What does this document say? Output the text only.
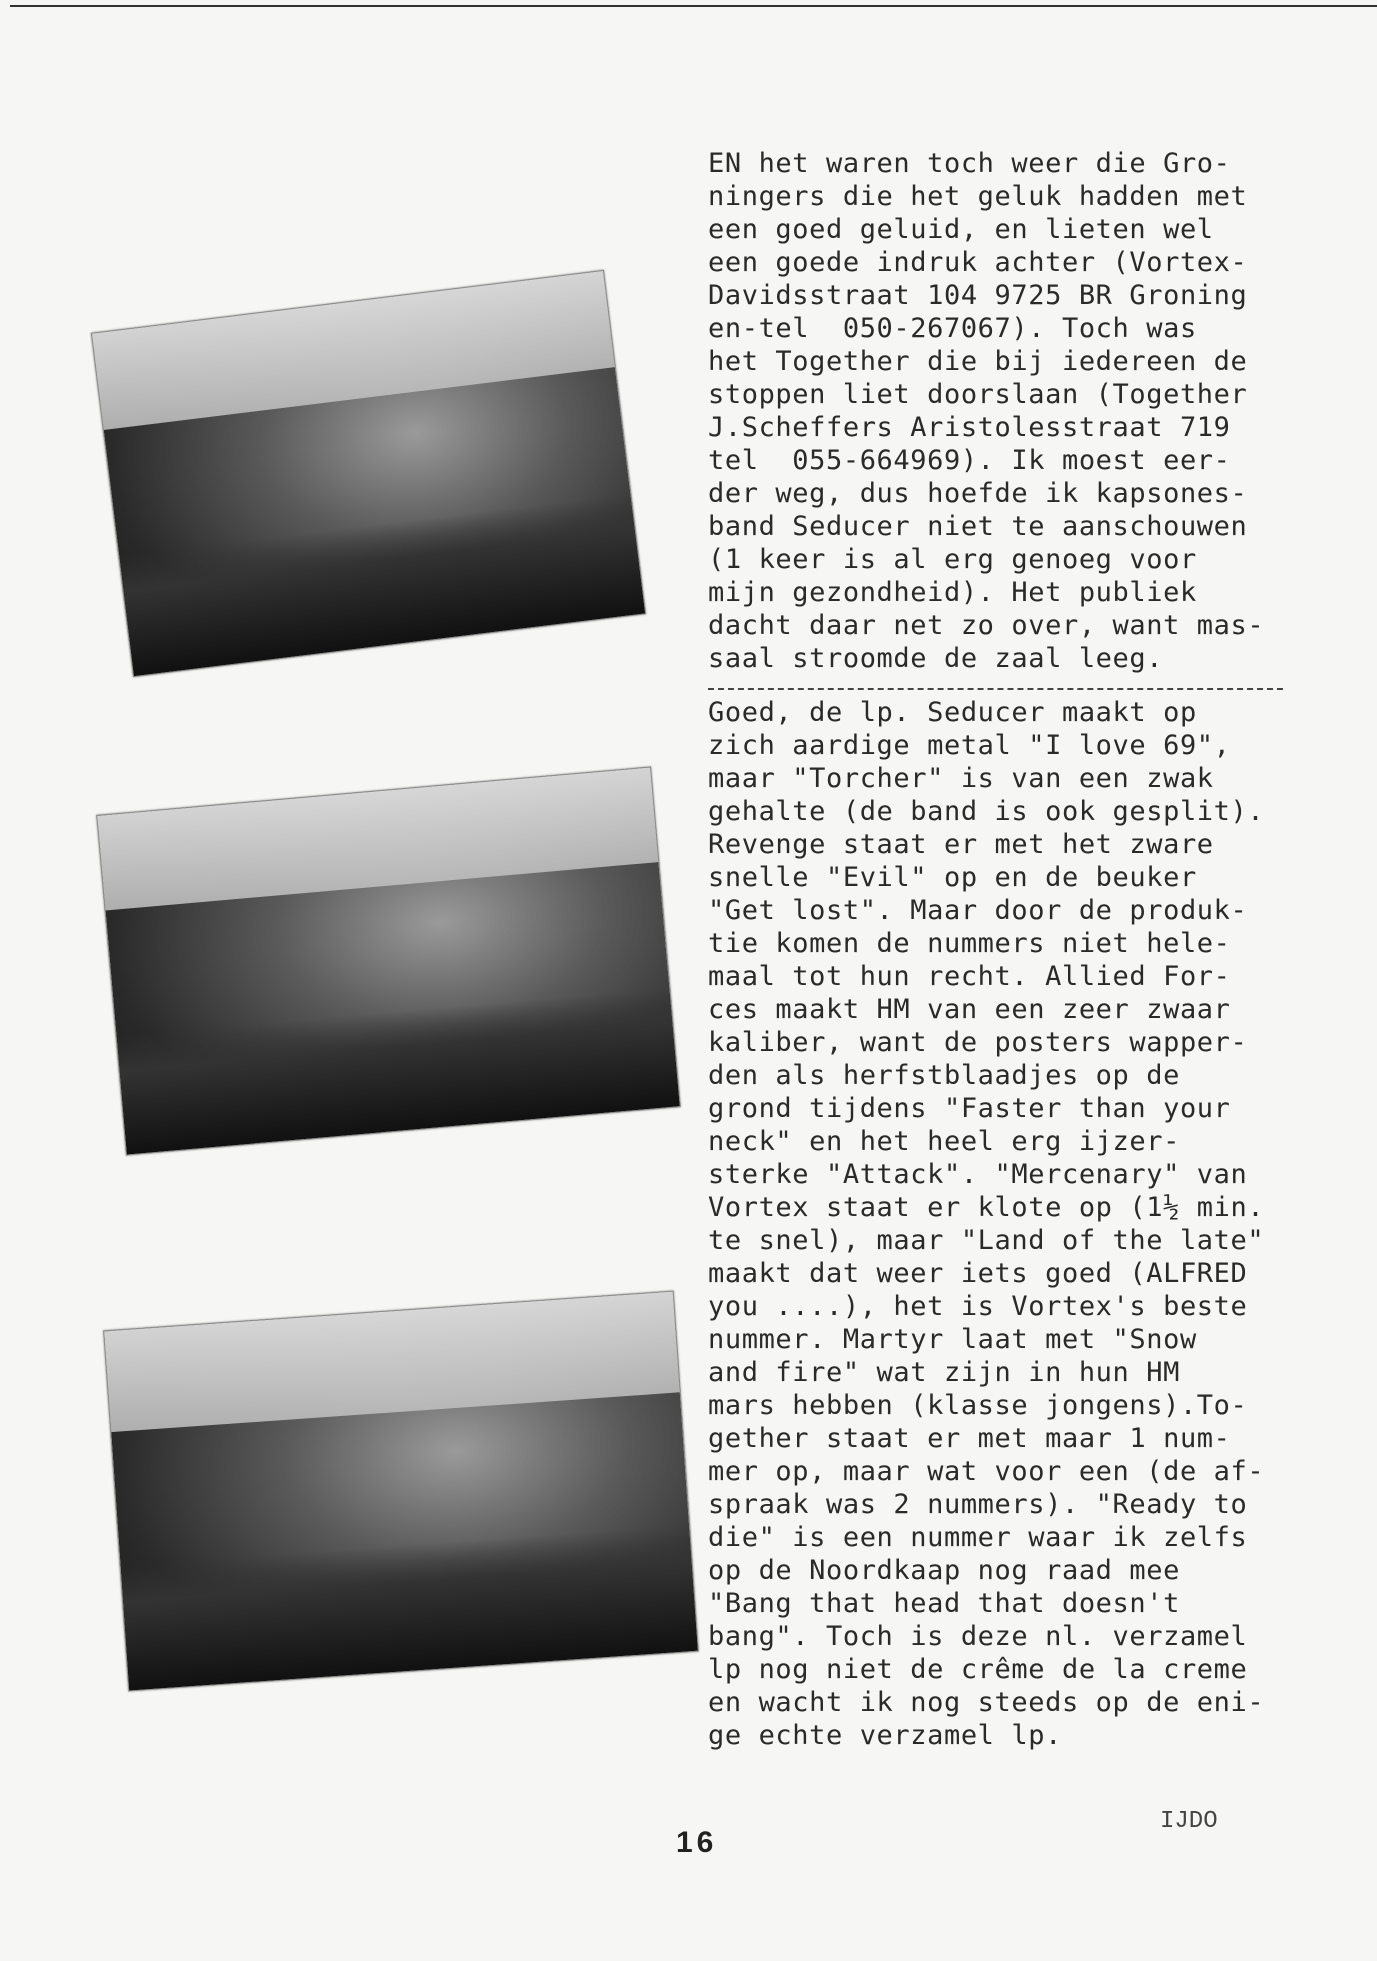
EN het waren toch weer die Gro-
ningers die het geluk hadden met
een goed geluid, en lieten wel
een goede indruk achter (Vortex-
Davidsstraat 104 9725 BR Groning
en-tel  050-267067). Toch was
het Together die bij iedereen de
stoppen liet doorslaan (Together
J.Scheffers Aristolesstraat 719
tel  055-664969). Ik moest eer-
der weg, dus hoefde ik kapsones-
band Seducer niet te aanschouwen
(1 keer is al erg genoeg voor
mijn gezondheid). Het publiek
dacht daar net zo over, want mas-
saal stroomde de zaal leeg.
Goed, de lp. Seducer maakt op
zich aardige metal "I love 69",
maar "Torcher" is van een zwak
gehalte (de band is ook gesplit).
Revenge staat er met het zware
snelle "Evil" op en de beuker
"Get lost". Maar door de produk-
tie komen de nummers niet hele-
maal tot hun recht. Allied For-
ces maakt HM van een zeer zwaar
kaliber, want de posters wapper-
den als herfstblaadjes op de
grond tijdens "Faster than your
neck" en het heel erg ijzer-
sterke "Attack". "Mercenary" van
Vortex staat er klote op (1½ min.
te snel), maar "Land of the late"
maakt dat weer iets goed (ALFRED
you ....), het is Vortex's beste
nummer. Martyr laat met "Snow
and fire" wat zijn in hun HM
mars hebben (klasse jongens).To-
gether staat er met maar 1 num-
mer op, maar wat voor een (de af-
spraak was 2 nummers). "Ready to
die" is een nummer waar ik zelfs
op de Noordkaap nog raad mee
"Bang that head that doesn't
bang". Toch is deze nl. verzamel
lp nog niet de crême de la creme
en wacht ik nog steeds op de eni-
ge echte verzamel lp.
16
IJDO
